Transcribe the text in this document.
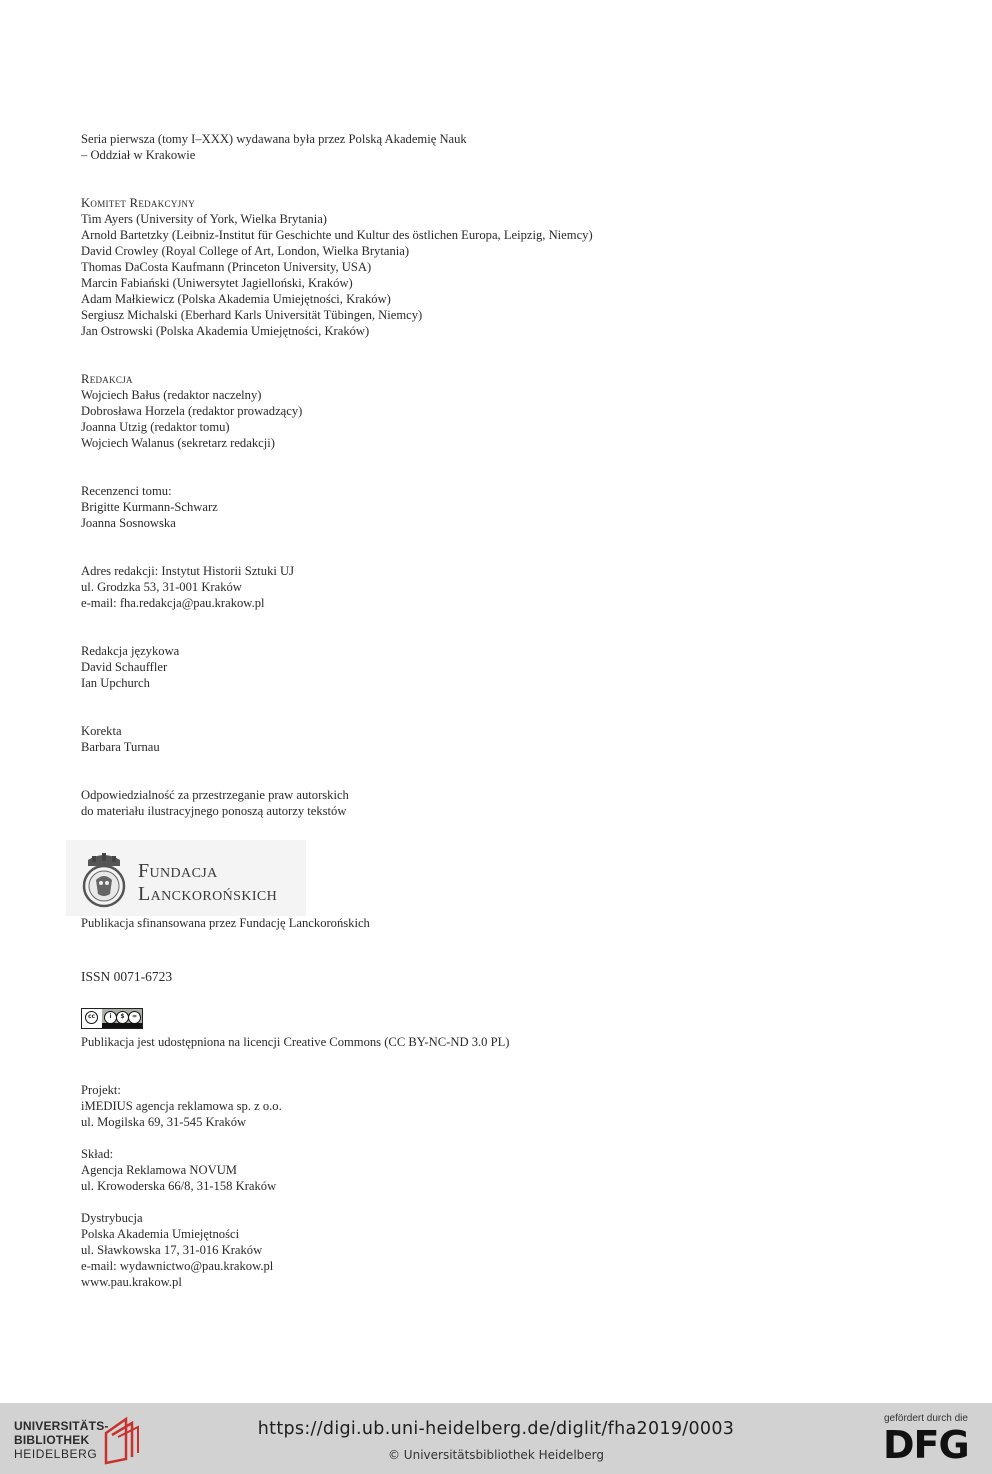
Seria pierwsza (tomy I–XXX) wydawana była przez Polską Akademię Nauk
– Oddział w Krakowie
Komitet Redakcyjny
Tim Ayers (University of York, Wielka Brytania)
Arnold Bartetzky (Leibniz-Institut für Geschichte und Kultur des östlichen Europa, Leipzig, Niemcy)
David Crowley (Royal College of Art, London, Wielka Brytania)
Thomas DaCosta Kaufmann (Princeton University, USA)
Marcin Fabiański (Uniwersytet Jagielloński, Kraków)
Adam Małkiewicz (Polska Akademia Umiejętności, Kraków)
Sergiusz Michalski (Eberhard Karls Universität Tübingen, Niemcy)
Jan Ostrowski (Polska Akademia Umiejętności, Kraków)
Redakcja
Wojciech Bałus (redaktor naczelny)
Dobrosława Horzela (redaktor prowadzący)
Joanna Utzig (redaktor tomu)
Wojciech Walanus (sekretarz redakcji)
Recenzenci tomu:
Brigitte Kurmann-Schwarz
Joanna Sosnowska
Adres redakcji: Instytut Historii Sztuki UJ
ul. Grodzka 53, 31-001 Kraków
e-mail: fha.redakcja@pau.krakow.pl
Redakcja językowa
David Schauffler
Ian Upchurch
Korekta
Barbara Turnau
Odpowiedzialność za przestrzeganie praw autorskich
do materiału ilustracyjnego ponoszą autorzy tekstów
Fundacja
Lanckorońskich
Publikacja sfinansowana przez Fundację Lanckorońskich
ISSN 0071-6723
cc	i	$	=
Publikacja jest udostępniona na licencji Creative Commons (CC BY-NC-ND 3.0 PL)
Projekt:
iMEDIUS agencja reklamowa sp. z o.o.
ul. Mogilska 69, 31-545 Kraków
Skład:
Agencja Reklamowa NOVUM
ul. Krowoderska 66/8, 31-158 Kraków
Dystrybucja
Polska Akademia Umiejętności
ul. Sławkowska 17, 31-016 Kraków
e-mail: wydawnictwo@pau.krakow.pl
www.pau.krakow.pl
UNIVERSITÄTS-
BIBLIOTHEK
HEIDELBERG
https://digi.ub.uni-heidelberg.de/diglit/fha2019/0003
© Universitätsbibliothek Heidelberg
gefördert durch die
DFG
